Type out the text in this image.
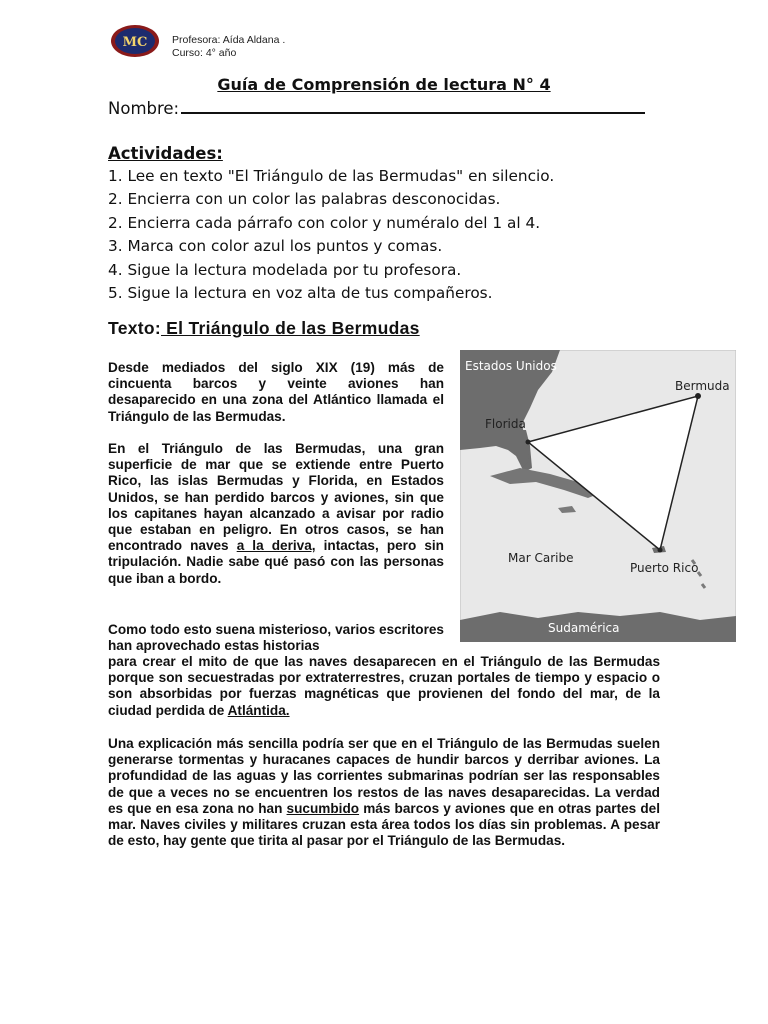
MC Profesora: Aída Aldana .
Curso: 4° año
Guía de Comprensión de lectura N° 4
Nombre:
Actividades:
1. Lee en texto "El Triángulo de las Bermudas" en silencio.
2. Encierra con un color las palabras desconocidas.
2. Encierra cada párrafo con color y numéralo del 1 al 4.
3. Marca con color azul los puntos y comas.
4. Sigue la lectura modelada por tu profesora.
5. Sigue la lectura en voz alta de tus compañeros.
Texto: El Triángulo de las Bermudas

Desde mediados del siglo XIX (19) más de cincuenta barcos y veinte aviones han desaparecido en una zona del Atlántico llamada el Triángulo de las Bermudas.

En el Triángulo de las Bermudas, una gran superficie de mar que se extiende entre Puerto Rico, las islas Bermudas y Florida, en Estados Unidos, se han perdido barcos y aviones, sin que los capitanes hayan alcanzado a avisar por radio que estaban en peligro. En otros casos, se han encontrado naves a la deriva, intactas, pero sin tripulación. Nadie sabe qué pasó con las personas que iban a bordo.

Como todo esto suena misterioso, varios escritores han aprovechado estas historias

para crear el mito de que las naves desaparecen en el Triángulo de las Bermudas porque son secuestradas por extraterrestres, cruzan portales de tiempo y espacio o son absorbidas por fuerzas magnéticas que provienen del fondo del mar, de la ciudad perdida de Atlántida.

Una explicación más sencilla podría ser que en el Triángulo de las Bermudas suelen generarse tormentas y huracanes capaces de hundir barcos y derribar aviones. La profundidad de las aguas y las corrientes submarinas podrían ser las responsables de que a veces no se encuentren los restos de las naves desaparecidas. La verdad es que en esa zona no han sucumbido más barcos y aviones que en otras partes del mar. Naves civiles y militares cruzan esta área todos los días sin problemas. A pesar de esto, hay gente que tirita al pasar por el Triángulo de las Bermudas.

Estados Unidos
Bermuda
Florida
Mar Caribe
Puerto Rico
Sudamérica
